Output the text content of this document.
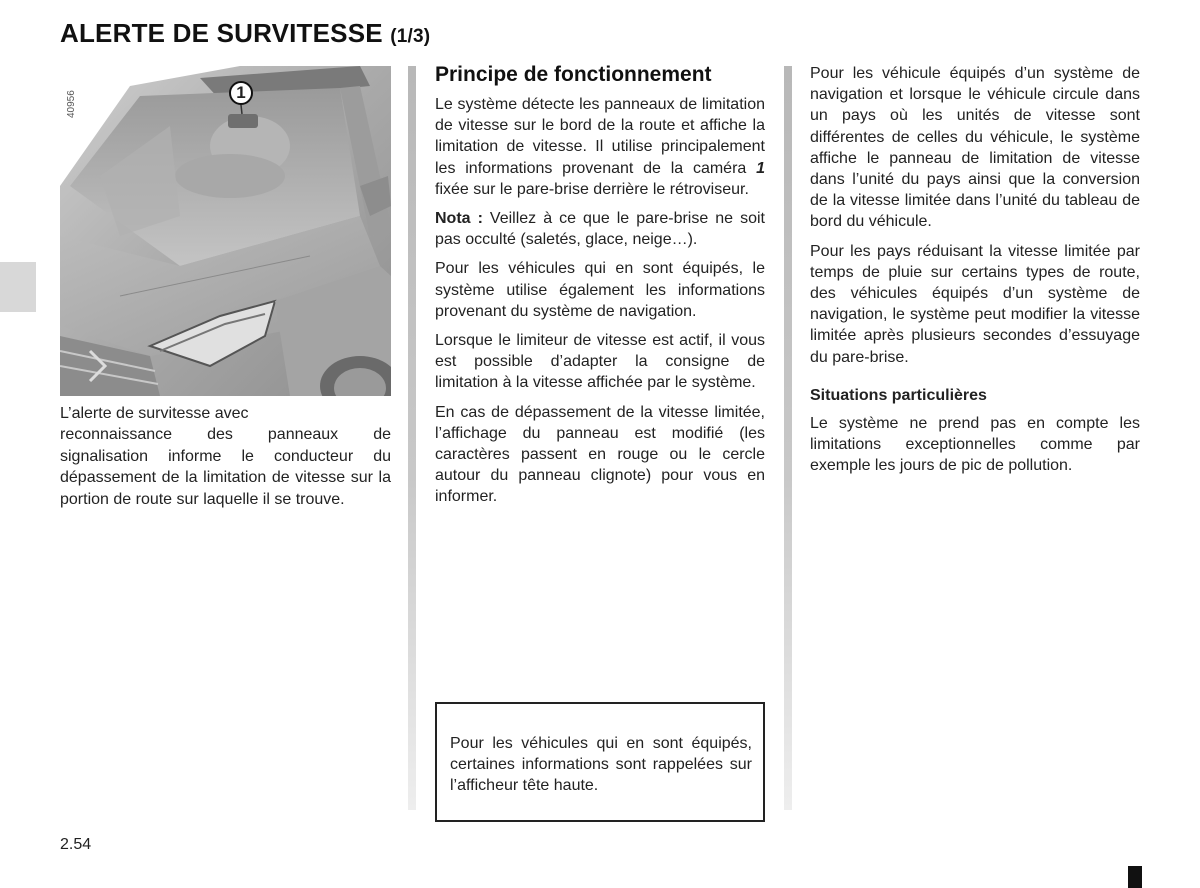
ALERTE DE SURVITESSE (1/3)
40956	1
L’alerte de survitesse avec
reconnaissance des panneaux de signalisation informe le conducteur du dépassement de la limitation de vitesse sur la portion de route sur laquelle il se trouve.
Principe de fonctionnement

Le système détecte les panneaux de limitation de vitesse sur le bord de la route et affiche la limitation de vitesse. Il utilise principalement les informations provenant de la caméra 1 fixée sur le pare-brise derrière le rétroviseur.

Nota : Veillez à ce que le pare-brise ne soit pas occulté (saletés, glace, neige…).

Pour les véhicules qui en sont équipés, le système utilise également les informations provenant du système de navigation.

Lorsque le limiteur de vitesse est actif, il vous est possible d’adapter la consigne de limitation à la vitesse affichée par le système.

En cas de dépassement de la vitesse limitée, l’affichage du panneau est modifié (les caractères passent en rouge ou le cercle autour du panneau clignote) pour vous en informer.

Pour les véhicules qui en sont équipés, certaines informations sont rappelées sur l’afficheur tête haute.

Pour les véhicule équipés d’un système de navigation et lorsque le véhicule circule dans un pays où les unités de vitesse sont différentes de celles du véhicule, le système affiche le panneau de limitation de vitesse dans l’unité du pays ainsi que la conversion de la vitesse limitée dans l’unité du tableau de bord du véhicule.

Pour les pays réduisant la vitesse limitée par temps de pluie sur certains types de route, des véhicules équipés d’un système de navigation, le système peut modifier la vitesse limitée après plusieurs secondes d’essuyage du pare-brise.

Situations particulières

Le système ne prend pas en compte les limitations exceptionnelles comme par exemple les jours de pic de pollution.

2.54
